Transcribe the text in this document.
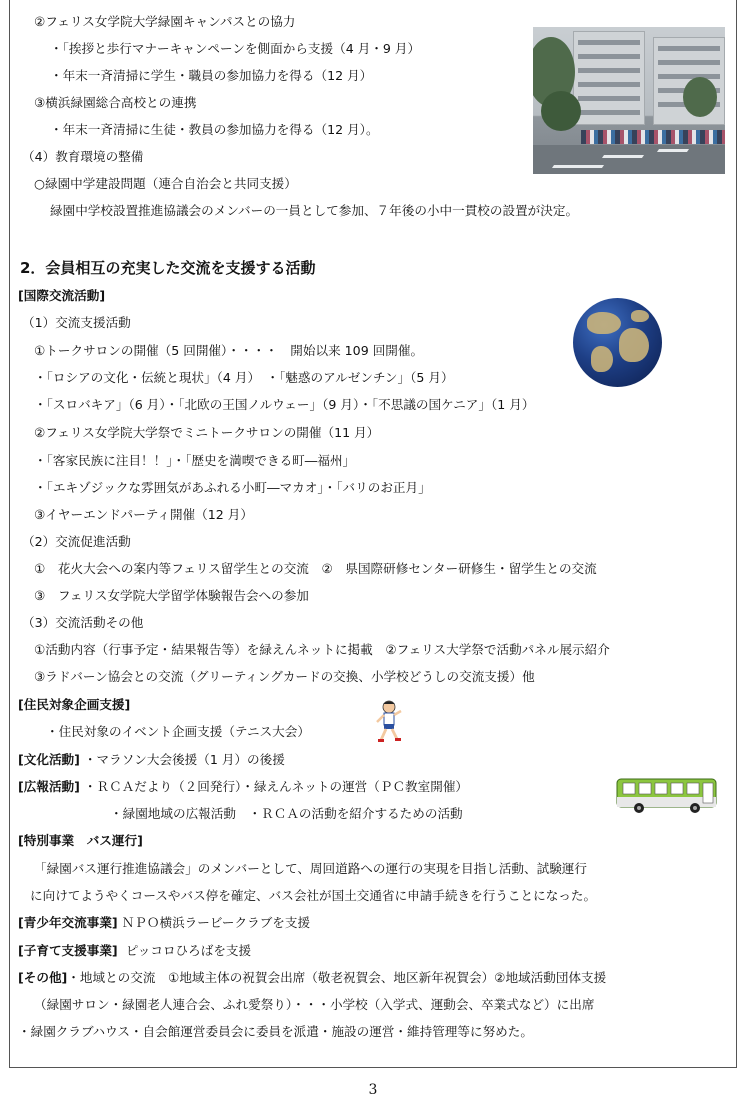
②フェリス女学院大学緑園キャンパスとの協力
・「挨拶と歩行マナーキャンペーンを側面から支援（4 月・9 月）
・年末一斉清掃に学生・職員の参加協力を得る（12 月）
③横浜緑園総合高校との連携
・年末一斉清掃に生徒・教員の参加協力を得る（12 月）。
（4）教育環境の整備
○緑園中学建設問題（連合自治会と共同支援）
緑園中学校設置推進協議会のメンバーの一員として参加、７年後の小中一貫校の設置が決定。
2．会員相互の充実した交流を支援する活動
[国際交流活動]
（1）交流支援活動
①トークサロンの開催（5 回開催）・・・・　開始以来 109 回開催。
・「ロシアの文化・伝統と現状」（4 月）　・「魅惑のアルゼンチン」（5 月）
・「スロバキア」（6 月）・「北欧の王国ノルウェー」（9 月）・「不思議の国ケニア」（1 月）
②フェリス女学院大学祭でミニトークサロンの開催（11 月）
・「客家民族に注目！！」・「歴史を満喫できる町―福州」
・「エキゾジックな雰囲気があふれる小町―マカオ」・「バリのお正月」
③イヤーエンドパーティ開催（12 月）
（2）交流促進活動
①　花火大会への案内等フェリス留学生との交流　②　県国際研修センター研修生・留学生との交流
③　フェリス女学院大学留学体験報告会への参加
（3）交流活動その他
①活動内容（行事予定・結果報告等）を緑えんネットに掲載　②フェリス大学祭で活動パネル展示紹介
③ラドバーン協会との交流（グリーティングカードの交換、小学校どうしの交流支援）他
[住民対象企画支援]
・住民対象のイベント企画支援（テニス大会）
[文化活動] ・マラソン大会後援（1 月）の後援
[広報活動] ・ＲＣＡだより（２回発行）・緑えんネットの運営（ＰＣ教室開催）
・緑園地域の広報活動　・ＲＣＡの活動を紹介するための活動
[特別事業　バス運行]
「緑園バス運行推進協議会」のメンバーとして、周回道路への運行の実現を目指し活動、試験運行
に向けてようやくコースやバス停を確定、バス会社が国土交通省に申請手続きを行うことになった。
[青少年交流事業] ＮＰＯ横浜ラービークラブを支援
[子育て支援事業] ピッコロひろばを支援
[その他]・地域との交流　①地域主体の祝賀会出席（敬老祝賀会、地区新年祝賀会）②地域活動団体支援
（緑園サロン・緑園老人連合会、ふれ愛祭り）・・・小学校（入学式、運動会、卒業式など）に出席
・緑園クラブハウス・自会館運営委員会に委員を派遣・施設の運営・維持管理等に努めた。
3
